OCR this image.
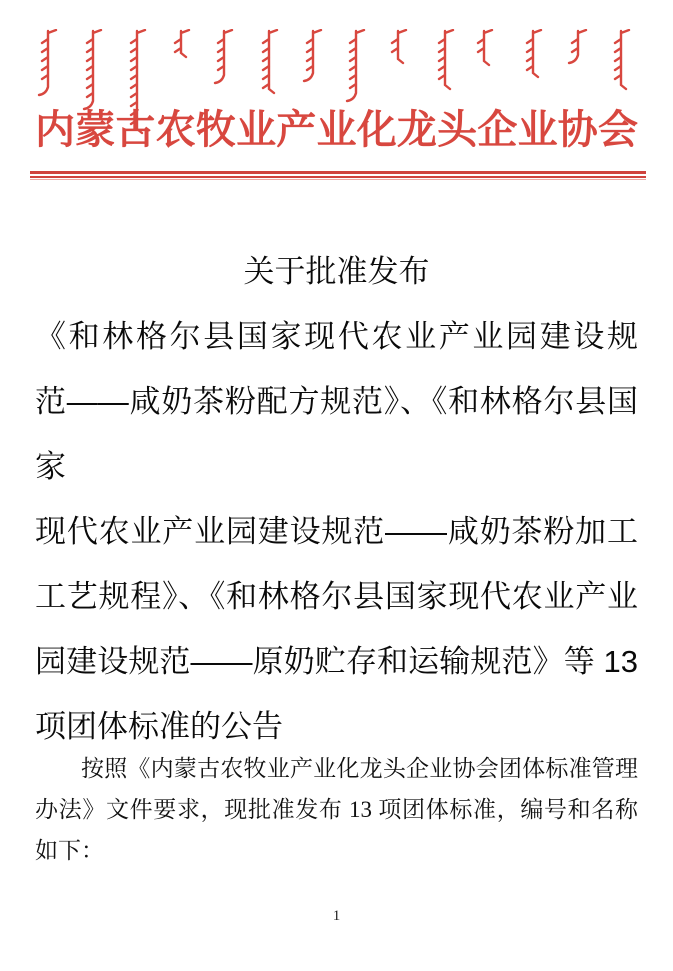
内蒙古农牧业产业化龙头企业协会
关于批准发布
《和林格尔县国家现代农业产业园建设规
范——咸奶茶粉配方规范》、《和林格尔县国家
现代农业产业园建设规范——咸奶茶粉加工
工艺规程》、《和林格尔县国家现代农业产业
园建设规范——原奶贮存和运输规范》等 13
项团体标准的公告
按照《内蒙古农牧业产业化龙头企业协会团体标准管理
办法》文件要求，现批准发布 13 项团体标准，编号和名称
如下：
1
